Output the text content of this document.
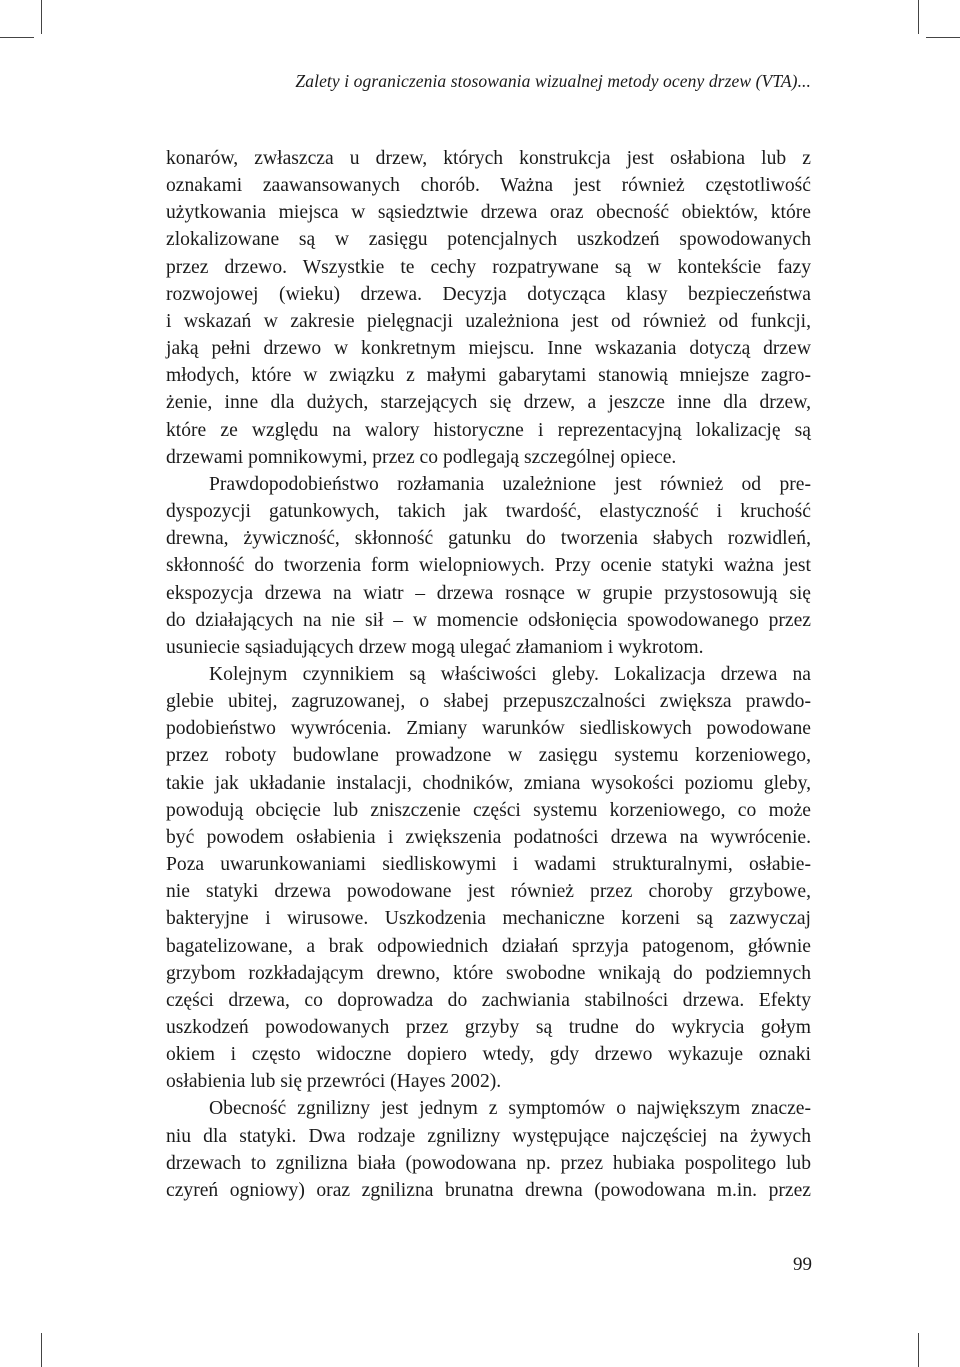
Zalety i ograniczenia stosowania wizualnej metody oceny drzew (VTA)...
konarów, zwłaszcza u drzew, których konstrukcja jest osłabiona lub z
oznakami zaawansowanych chorób. Ważna jest również częstotliwość
użytkowania miejsca w sąsiedztwie drzewa oraz obecność obiektów, które
zlokalizowane są w zasięgu potencjalnych uszkodzeń spowodowanych
przez drzewo. Wszystkie te cechy rozpatrywane są w kontekście fazy
rozwojowej (wieku) drzewa. Decyzja dotycząca klasy bezpieczeństwa
i wskazań w zakresie pielęgnacji uzależniona jest od również od funkcji,
jaką pełni drzewo w konkretnym miejscu. Inne wskazania dotyczą drzew
młodych, które w związku z małymi gabarytami stanowią mniejsze zagro-
żenie, inne dla dużych, starzejących się drzew, a jeszcze inne dla drzew,
które ze względu na walory historyczne i reprezentacyjną lokalizację są
drzewami pomnikowymi, przez co podlegają szczególnej opiece.
Prawdopodobieństwo rozłamania uzależnione jest również od pre-
dyspozycji gatunkowych, takich jak twardość, elastyczność i kruchość
drewna, żywiczność, skłonność gatunku do tworzenia słabych rozwidleń,
skłonność do tworzenia form wielopniowych. Przy ocenie statyki ważna jest
ekspozycja drzewa na wiatr – drzewa rosnące w grupie przystosowują się
do działających na nie sił – w momencie odsłonięcia spowodowanego przez
usuniecie sąsiadujących drzew mogą ulegać złamaniom i wykrotom.
Kolejnym czynnikiem są właściwości gleby. Lokalizacja drzewa na
glebie ubitej, zagruzowanej, o słabej przepuszczalności zwiększa prawdo-
podobieństwo wywrócenia. Zmiany warunków siedliskowych powodowane
przez roboty budowlane prowadzone w zasięgu systemu korzeniowego,
takie jak układanie instalacji, chodników, zmiana wysokości poziomu gleby,
powodują obcięcie lub zniszczenie części systemu korzeniowego, co może
być powodem osłabienia i zwiększenia podatności drzewa na wywrócenie.
Poza uwarunkowaniami siedliskowymi i wadami strukturalnymi, osłabie-
nie statyki drzewa powodowane jest również przez choroby grzybowe,
bakteryjne i wirusowe. Uszkodzenia mechaniczne korzeni są zazwyczaj
bagatelizowane, a brak odpowiednich działań sprzyja patogenom, głównie
grzybom rozkładającym drewno, które swobodne wnikają do podziemnych
części drzewa, co doprowadza do zachwiania stabilności drzewa. Efekty
uszkodzeń powodowanych przez grzyby są trudne do wykrycia gołym
okiem i często widoczne dopiero wtedy, gdy drzewo wykazuje oznaki
osłabienia lub się przewróci (Hayes 2002).
Obecność zgnilizny jest jednym z symptomów o największym znacze-
niu dla statyki. Dwa rodzaje zgnilizny występujące najczęściej na żywych
drzewach to zgnilizna biała (powodowana np. przez hubiaka pospolitego lub
czyreń ogniowy) oraz zgnilizna brunatna drewna (powodowana m.in. przez
99
